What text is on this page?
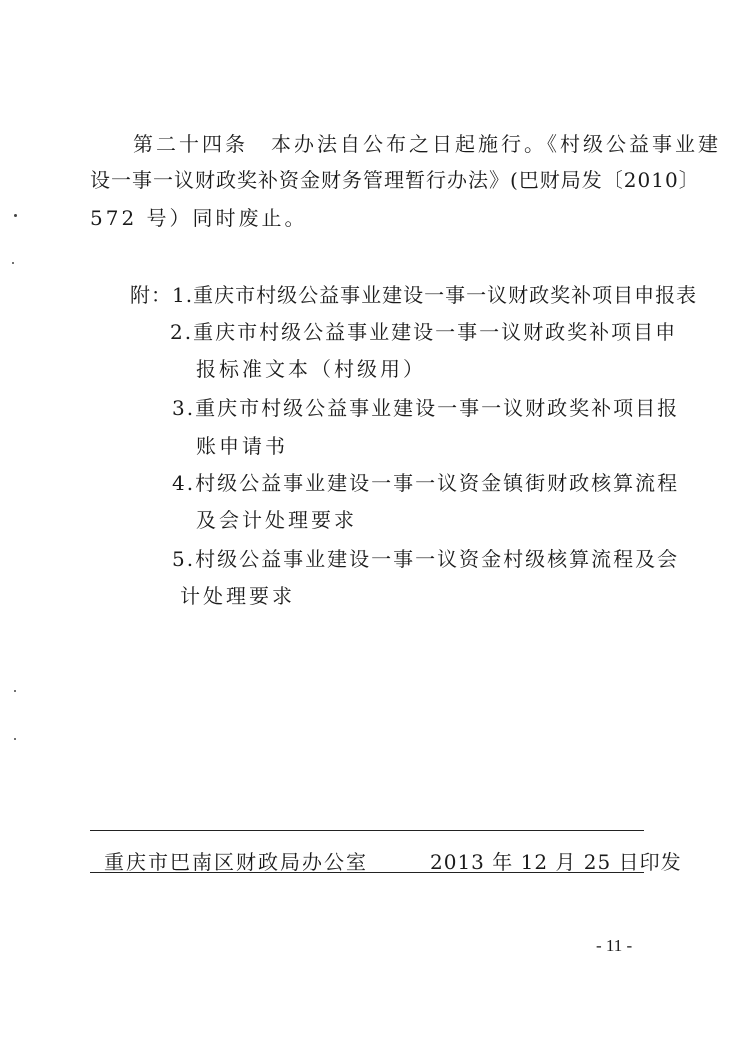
第二十四条　本办法自公布之日起施行。《村级公益事业建
设一事一议财政奖补资金财务管理暂行办法》(巴财局发〔2010〕
572 号）同时废止。
附：1.重庆市村级公益事业建设一事一议财政奖补项目申报表
2.重庆市村级公益事业建设一事一议财政奖补项目申
报标准文本（村级用）
3.重庆市村级公益事业建设一事一议财政奖补项目报
账申请书
4.村级公益事业建设一事一议资金镇街财政核算流程
及会计处理要求
5.村级公益事业建设一事一议资金村级核算流程及会
计处理要求
重庆市巴南区财政局办公室	2013 年 12 月 25 日印发
- 11 -
